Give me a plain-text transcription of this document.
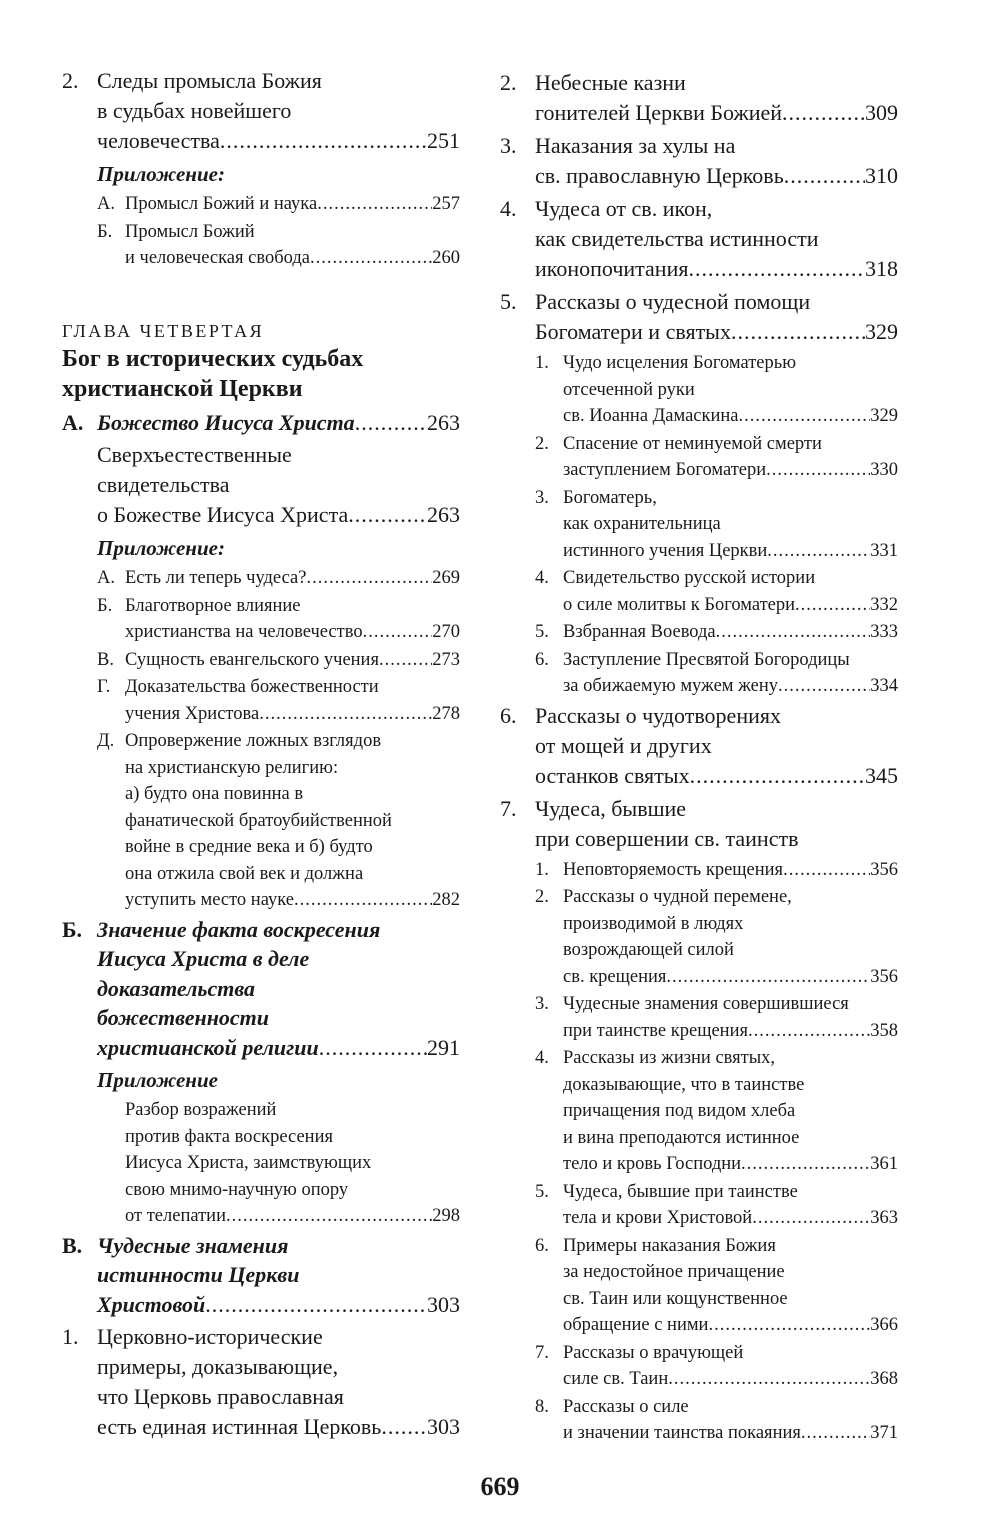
2. Следы промысла Божия
в судьбах новейшего
человечества .....	251
Приложение:
А. Промысл Божий и наука .....	257
Б. Промысл Божий
и человеческая свобода .....	260
ГЛАВА ЧЕТВЕРТАЯ
Бог в исторических судьбах
христианской Церкви
А. Божество Иисуса Христа .....	263
Сверхъестественные
свидетельства
о Божестве Иисуса Христа .....	263
Приложение:
А. Есть ли теперь чудеса? .....	269
Б. Благотворное влияние
христианства на человечество .....	270
В. Сущность евангельского учения .....	273
Г. Доказательства божественности
учения Христова .....	278
Д. Опровержение ложных взглядов
на христианскую религию:
а) будто она повинна в
фанатической братоубийственной
войне в средние века и б) будто
она отжила свой век и должна
уступить место науке .....	282
Б. Значение факта воскресения
Иисуса Христа в деле
доказательства
божественности
христианской религии .....	291
Приложение
Разбор возражений
против факта воскресения
Иисуса Христа, заимствующих
свою мнимо-научную опору
от телепатии .....	298
В. Чудесные знамения
истинности Церкви
Христовой .....	303
1. Церковно-исторические
примеры, доказывающие,
что Церковь православная
есть единая истинная Церковь ..... 303
2. Небесные казни
гонителей Церкви Божией .....	309
3. Наказания за хулы на
св. православную Церковь .....	310
4. Чудеса от св. икон,
как свидетельства истинности
иконопочитания .....	318
5. Рассказы о чудесной помощи
Богоматери и святых .....	329
1. Чудо исцеления Богоматерью
отсеченной руки
св. Иоанна Дамаскина .....	329
2. Спасение от неминуемой смерти
заступлением Богоматери .....	330
3. Богоматерь,
как охранительница
истинного учения Церкви .....	331
4. Свидетельство русской истории
о силе молитвы к Богоматери .....	332
5. Взбранная Воевода .....	333
6. Заступление Пресвятой Богородицы
за обижаемую мужем жену .....	334
6. Рассказы о чудотворениях
от мощей и других
останков святых .....	345
7. Чудеса, бывшие
при совершении св. таинств
1. Неповторяемость крещения .....	356
2. Рассказы о чудной перемене,
производимой в людях
возрождающей силой
св. крещения .....	356
3. Чудесные знамения совершившиеся
при таинстве крещения .....	358
4. Рассказы из жизни святых,
доказывающие, что в таинстве
причащения под видом хлеба
и вина преподаются истинное
тело и кровь Господни .....	361
5. Чудеса, бывшие при таинстве
тела и крови Христовой .....	363
6. Примеры наказания Божия
за недостойное причащение
св. Таин или кощунственное
обращение с ними .....	366
7. Рассказы о врачующей
силе св. Таин .....	368
8. Рассказы о силе
и значении таинства покаяния .....	371
669
